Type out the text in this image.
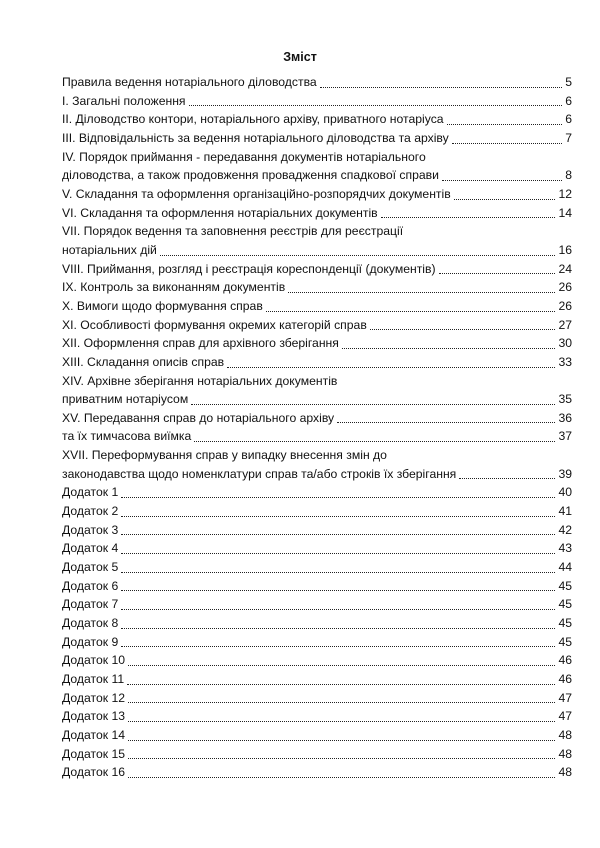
Зміст
Правила ведення нотаріального діловодства	5
I. Загальні положення	6
II. Діловодство контори, нотаріального архіву, приватного нотаріуса	6
III. Відповідальність за ведення нотаріального діловодства та архіву	7
IV. Порядок приймання - передавання документів нотаріального
діловодства, а також продовження провадження спадкової справи	8
V. Складання та оформлення організаційно-розпорядчих документів	12
VI. Складання та оформлення нотаріальних документів	14
VII. Порядок ведення та заповнення реєстрів для реєстрації
нотаріальних дій	16
VIII. Приймання, розгляд і реєстрація кореспонденції (документів)	24
IX. Контроль за виконанням документів	26
X. Вимоги щодо формування справ	26
XI. Особливості формування окремих категорій справ	27
XII. Оформлення справ для архівного зберігання	30
XIII. Складання описів справ	33
XIV. Архівне зберігання нотаріальних документів
приватним нотаріусом	35
XV. Передавання справ до нотаріального архіву	36
та їх тимчасова виїмка	37
XVII. Переформування справ у випадку внесення змін до
законодавства щодо номенклатури справ та/або строків їх зберігання	39
Додаток 1	40
Додаток 2	41
Додаток 3	42
Додаток 4	43
Додаток 5	44
Додаток 6	45
Додаток 7	45
Додаток 8	45
Додаток 9	45
Додаток 10	46
Додаток 11	46
Додаток 12	47
Додаток 13	47
Додаток 14	48
Додаток 15	48
Додаток 16	48
